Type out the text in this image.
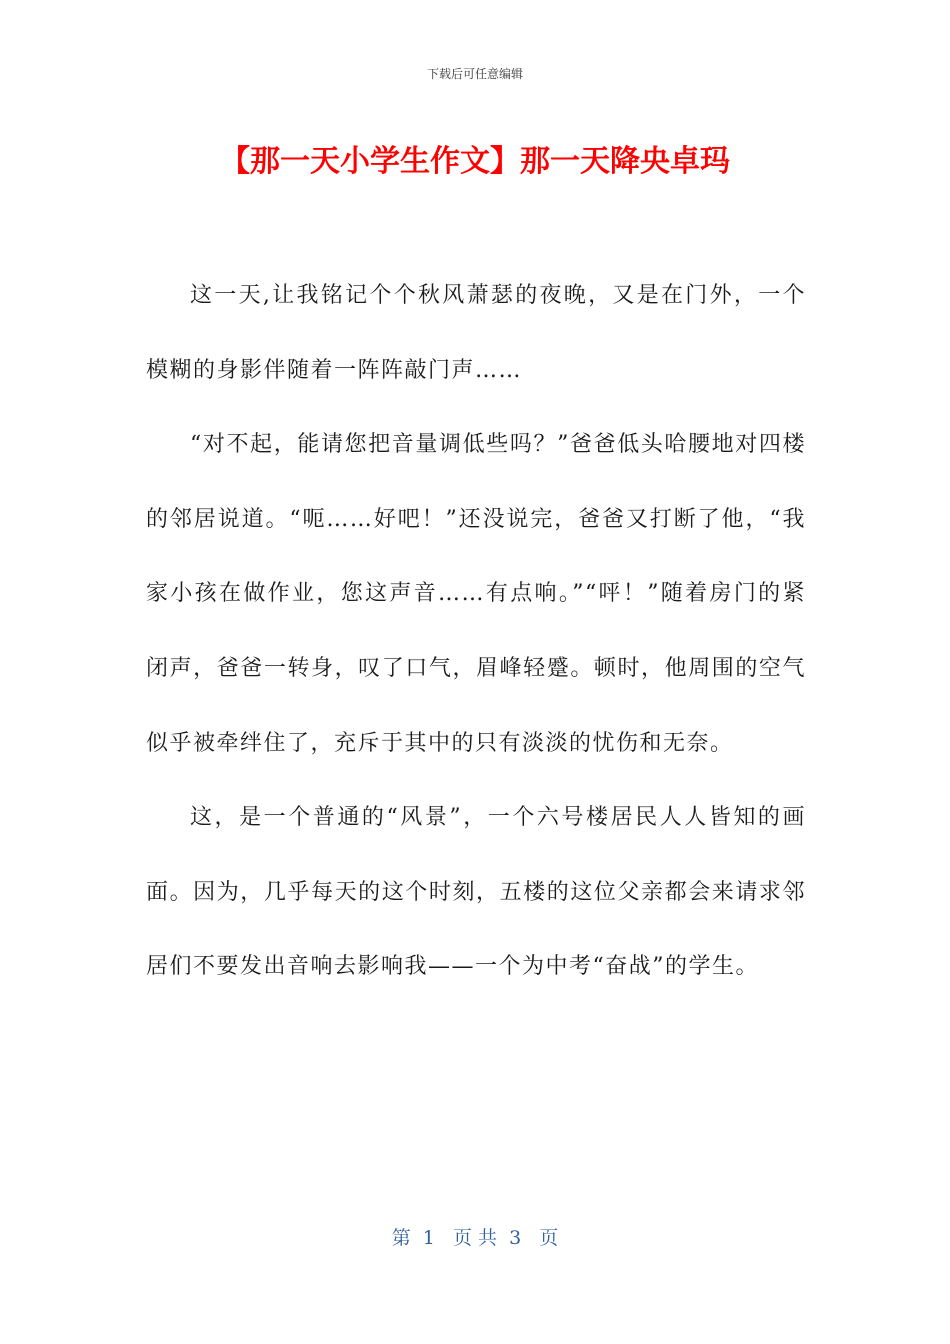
下载后可任意编辑
【那一天小学生作文】那一天降央卓玛

这一天,让我铭记个个秋风萧瑟的夜晚，又是在门外，一个模糊的身影伴随着一阵阵敲门声……

“对不起，能请您把音量调低些吗？”爸爸低头哈腰地对四楼的邻居说道。“呃……好吧！”还没说完，爸爸又打断了他，“我家小孩在做作业，您这声音……有点响。”“呯！”随着房门的紧闭声，爸爸一转身，叹了口气，眉峰轻蹙。顿时，他周围的空气似乎被牵绊住了，充斥于其中的只有淡淡的忧伤和无奈。

这，是一个普通的“风景”，一个六号楼居民人人皆知的画面。因为，几乎每天的这个时刻，五楼的这位父亲都会来请求邻居们不要发出音响去影响我——一个为中考“奋战”的学生。

第  1   页 共  3   页
